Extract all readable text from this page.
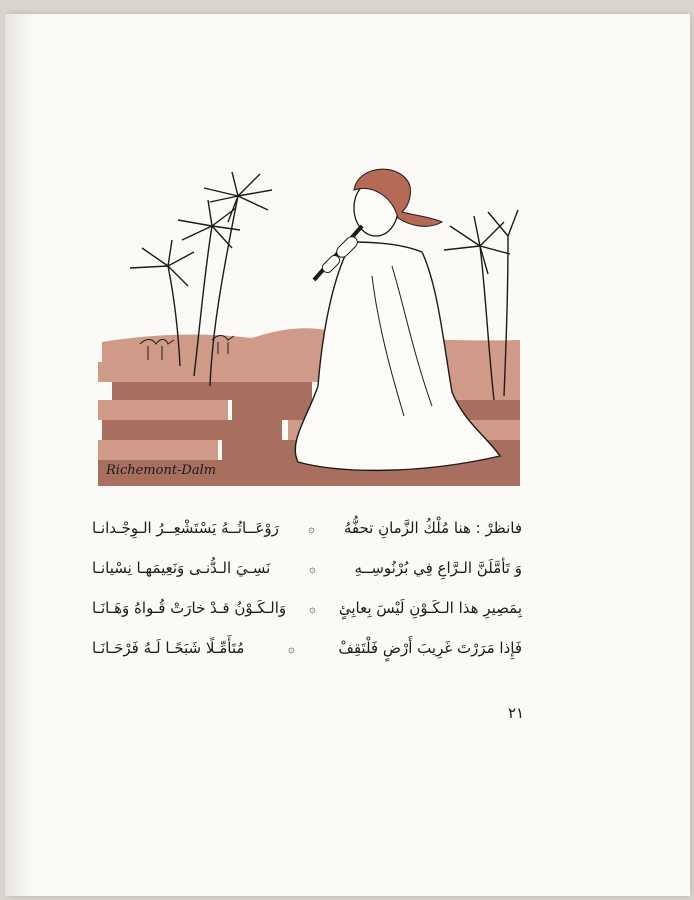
Richemont-Dalm
فانظرْ : هنا مُلْكُ الزَّمانِ تحفُّهُ
۞
رَوْعَــاتُــهُ يَسْتَشْعِــرُ الـوِجْـدانـا
وَ تَأمَّلَنَّ الـرَّاعِ فِي بُرْنُوسِــهِ
۞
نَسِـيَ الـدُّنـى وَنَعِيمَهـا نِسْيانـا
بِمَصِيرِ هذا الـكَـوْنِ لَيْسَ بِعابِئٍ
۞
وَالـكَـوْنُ قـدْ خارَتْ قُـواهُ وَهَـانَـا
فَإِذا مَرَرْتَ غَرِيبَ أَرْضٍ فَلْتَقِفْ
۞
مُتَأَمِّـلًا شَبَحًـا لَـهُ فَرْحَـانَـا
٢١
